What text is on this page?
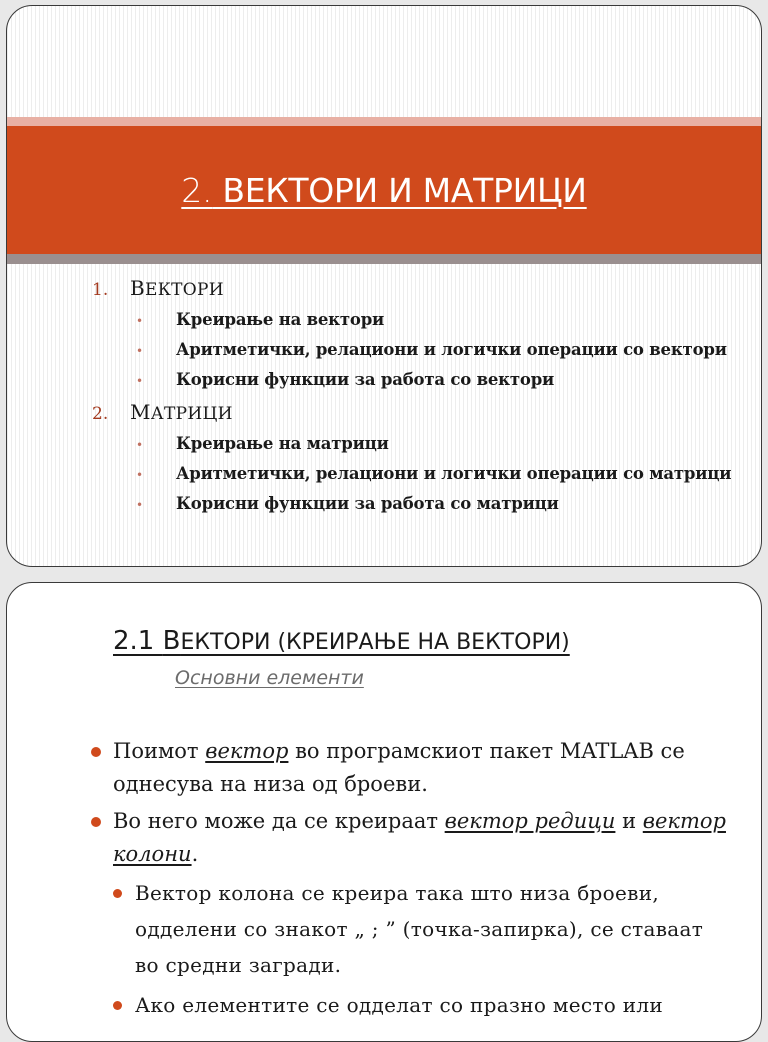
2. ВЕКТОРИ И МАТРИЦИ
1.	ВЕКТОРИ
•	Креирање на вектори
•	Аритметички, релациони и логички операции со вектори
•	Корисни функции за работа со вектори
2.	МАТРИЦИ
•	Креирање на матрици
•	Аритметички, релациони и логички операции со матрици
•	Корисни функции за работа со матрици
2.1 ВЕКТОРИ (КРЕИРАЊЕ НА ВЕКТОРИ)
Основни елементи
Поимот вектор во програмскиот пакет MATLAB се однесува на низа од броеви.
Во него може да се креираат вектор редици и вектор колони.
Вектор колона се креира така што низа броеви, одделени со знакот „ ; ” (точка-запирка), се ставаат во средни загради.
Ако елементите се одделат со празно место или
